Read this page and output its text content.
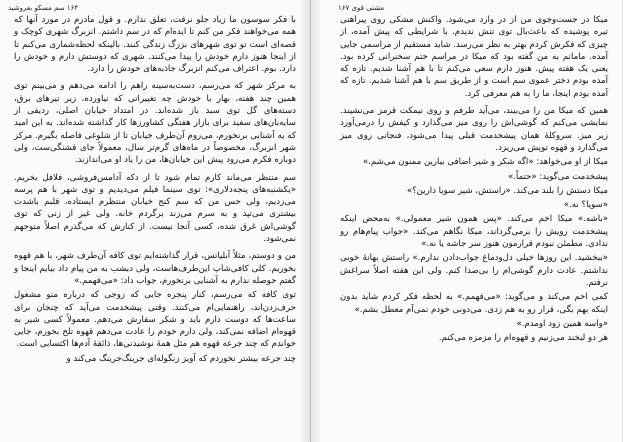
۱۶۴ سم مسکو بغروشید

با فکر سوسون ما زیاد جلو نرفت، تعلق ندارم. و قول مادرم در مورد آنها که همه می‌خواهند فکر من کنم تا ایده‌ام که در سم داشتم. انزبرگ شهری کوچک و قصه‌ای است تو توی شهرهای بزرگ زندگی کنند. بالینکه لحظه‌شماری می‌کنم تا از اینجا هنوز دارم خودش را پیدا می‌کنند. شهری که دوستش دارم و خودش را دارد. بوم. اعتراف می‌کنم انزبرگ جاذبه‌های خودش را دارد.

به مرکز شهر که می‌رسم، دست‌به‌سینه راهم را ادامه می‌دهم و می‌بینم توی همین چند هفته، بهار با خودش چه تغییراتی که نیاورده، زیر تیرهای برق، دسته‌های گل توی سبد باز شده‌اند. در امتداد خیابان اصلی، ردیفی از سایه‌بان‌های سفید برای بازار هفتگی کشاورزها کار گذاشته شده‌اند. به این امید که یه آشنایی برنخورم، می‌روم آن‌طرف خیابان تا از شلوغی فاصله بگیرم. مرکز شهر انزبرگ، مخصوصاً در ماه‌های گرم‌تر سال، معمولاً جای قشنگی‌ست، ولی دوباره فکرم می‌رود پیش این خیابان‌ها، من را یاد او می‌اندازند.

سم منتظر می‌ماند کارم تمام شود تا از دکه آدامس‌فروشی، فلافل بخریم. «یکشنبه‌های پنجه‌دلاری»: توی سینما فیلم می‌دیدیم و توی شهر با هم پرسه می‌زدیم، ولی حس من که سم کنج خیابان منتظرم ایستاده، قلبم باشدت بیشتری می‌تپد و به سرم می‌زند برگردم خانه. ولی غیر از زنی که توی گوشی‌اش غرق شده، کسی آنجا نیست. از کنارش که می‌گذرم اصلاً متوجهم نمی‌شود.

من و دوستم، مثلاً آبلیاتس، قرار گذاشته‌ایم توی کافه آن‌طرف شهر، با هم قهوه بخوریم. کلی کافی‌شاپ این‌طرف‌هاست، ولی دیشب به من پیام داد بیایم اینجا و گفتم حوصله ندارم به آشنایی برنخورم، جواب داد: «می‌فهمم.»

توی کافه که می‌رسم، کنار پنجره جایی که زوجی که درباره منو مشغول حرف‌زدن‌اند، راهنمایی‌ام می‌کنند. وقتی پیشخدمت می‌آید که چنجان برای ساعت‌ها که دوست دارم باید و شکر سفارش می‌دهم. معمولاً کسی شیر به قهوه‌ام اضافه نمی‌کند، ولی دارم خودم را عادت می‌دهم قهوه تلخ بخورم، جایی خواندم که چند جرعه قهوه هم مثل همهٔ نوشیدنی‌ها، ذائقهٔ آدم‌ها اکتسابی است.

چند جرعه بیشتر نخوردم که آویز زنگوله‌ای جرینگ‌جرینگ می‌کند و

مشتی قوی ۱۶۷

میکا در جست‌وجوی من از در وارد می‌شود. واکنش مشکی روی پیراهنی تیره پوشیده که باعث‌بال توی تنش ندیدم. با شرایطی که پیش آمده، از چیزی که فکرش کردم بهتر به نظر می‌رسد. شاید مستقیم از مراسمی جایی آمده. مامانم به من گفته بود که میکا در مراسم ختم سخنرانی کرده بود. یعنی یک هفته پیش. هنوز دارم سعی می‌کنم تا با هم آشنا شدیم. تازه که آمده بودم دختر عموی سم است و از طریق سم با هم آشنا شدیم. تازه که آمده بودم اینجا، ما را به هم معرفی کرد.

همین که میکا من را می‌بیند، می‌آید طرفم و روی نیمکت قرمز می‌نشیند. نمایشی می‌کنم که گوشی‌اش را روی میز می‌گذارد و کیفش را درمی‌آورد زیر میز. سروکلهٔ همان پیشخدمت قبلی پیدا می‌شود، فنجانی روی میز می‌گذارد و قهوه توپش می‌ریزد.

میکا از او می‌خواهد: «اگه شکر و شیر اضافی بیارین ممنون می‌شم.»

پیشخدمت می‌گوید: «حتماً.»

میکا دستش را بلند می‌کند. «راستش، شیر سویا دارین؟»

«سویا؟ نه.»

«باشه.» میکا اخم می‌کند. «پس همون شیر معمولی.» به‌محض اینکه پیشخدمت رویش را برمی‌گرداند، میکا نگاهم می‌کند. «جواب پیام‌هام رو ندادی. مطمئن نبودم قرارمون هنوز سر جاشه یا نه.»

«ببخشید. این روزها خیلی دل‌ودماغ جواب‌دادن ندارم.» راستش بهانهٔ خوبی نداشتم. عادت دارم گوشی‌ام را بی‌صدا کنم. ولی این هفته اصلاً سراغش نرفتم.

کمی اخم می‌کند و می‌گوید: «می‌فهمم.» به لحظه فکر کردم شاید بدون اینکه بهم بگی، قرار رو به هم زدی. می‌دونی خودم نمی‌آم معطل بشم.»

«واسه همین زود اومدم.»

هر دو لبخند می‌زنیم و قهوه‌ام را مزمزه می‌کنم.
